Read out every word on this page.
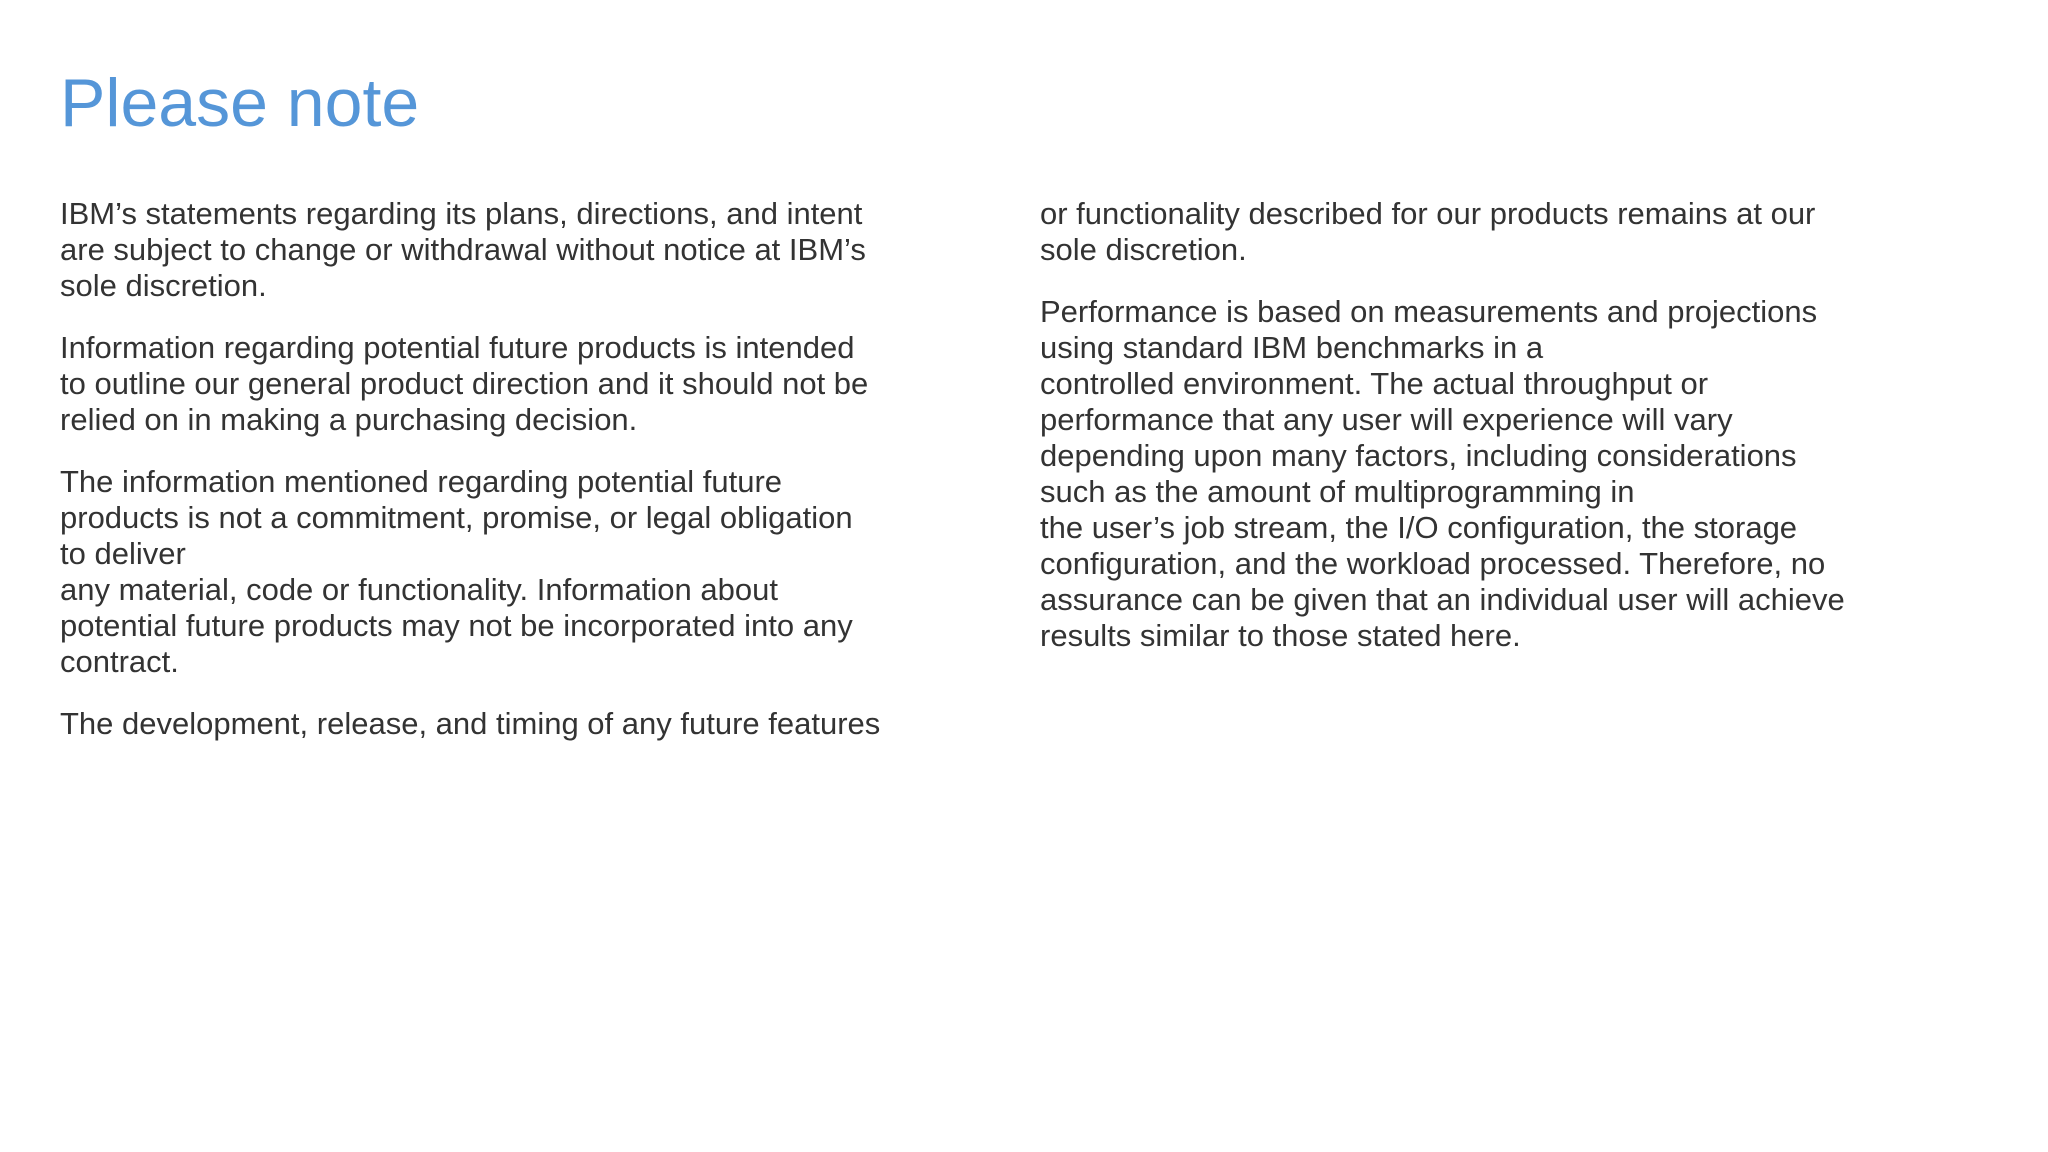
Please note

IBM’s statements regarding its plans, directions, and intent
are subject to change or withdrawal without notice at IBM’s
sole discretion.

Information regarding potential future products is intended
to outline our general product direction and it should not be
relied on in making a purchasing decision.

The information mentioned regarding potential future
products is not a commitment, promise, or legal obligation
to deliver
any material, code or functionality. Information about
potential future products may not be incorporated into any
contract.

The development, release, and timing of any future features

or functionality described for our products remains at our
sole discretion.

Performance is based on measurements and projections
using standard IBM benchmarks in a
controlled environment. The actual throughput or
performance that any user will experience will vary
depending upon many factors, including considerations
such as the amount of multiprogramming in
the user’s job stream, the I/O configuration, the storage
configuration, and the workload processed. Therefore, no
assurance can be given that an individual user will achieve
results similar to those stated here.
